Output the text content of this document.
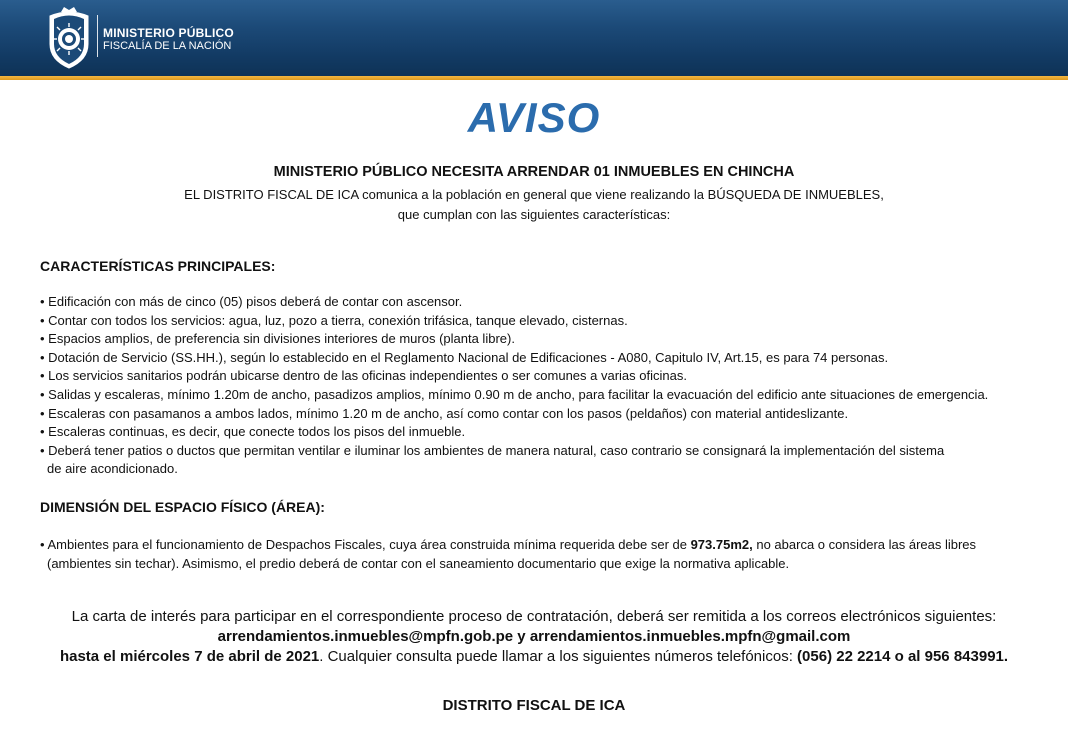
MINISTERIO PÚBLICO
FISCALÍA DE LA NACIÓN
AVISO
MINISTERIO PÚBLICO NECESITA ARRENDAR 01 INMUEBLES EN CHINCHA
EL DISTRITO FISCAL DE ICA comunica a la población en general que viene realizando la BÚSQUEDA DE INMUEBLES,
que cumplan con las siguientes características:
CARACTERÍSTICAS PRINCIPALES:
• Edificación con más de cinco (05) pisos deberá de contar con ascensor.
• Contar con todos los servicios: agua, luz, pozo a tierra, conexión trifásica, tanque elevado, cisternas.
• Espacios amplios, de preferencia sin divisiones interiores de muros (planta libre).
• Dotación de Servicio (SS.HH.), según lo establecido en el Reglamento Nacional de Edificaciones - A080, Capitulo IV, Art.15, es para 74 personas.
• Los servicios sanitarios podrán ubicarse dentro de las oficinas independientes o ser comunes a varias oficinas.
• Salidas y escaleras, mínimo 1.20m de ancho, pasadizos amplios, mínimo 0.90 m de ancho, para facilitar la evacuación del edificio ante situaciones de emergencia.
• Escaleras con pasamanos a ambos lados, mínimo 1.20 m de ancho, así como contar con los pasos (peldaños) con material antideslizante.
• Escaleras continuas, es decir, que conecte todos los pisos del inmueble.
• Deberá tener patios o ductos que permitan ventilar e iluminar los ambientes de manera natural, caso contrario se consignará la implementación del sistema
de aire acondicionado.
DIMENSIÓN DEL ESPACIO FÍSICO (ÁREA):
• Ambientes para el funcionamiento de Despachos Fiscales, cuya área construida mínima requerida debe ser de 973.75m2, no abarca o considera las áreas libres
(ambientes sin techar). Asimismo, el predio deberá de contar con el saneamiento documentario que exige la normativa aplicable.
La carta de interés para participar en el correspondiente proceso de contratación, deberá ser remitida a los correos electrónicos siguientes:
arrendamientos.inmuebles@mpfn.gob.pe y arrendamientos.inmuebles.mpfn@gmail.com
hasta el miércoles 7 de abril de 2021. Cualquier consulta puede llamar a los siguientes números telefónicos: (056) 22 2214 o al 956 843991.
DISTRITO FISCAL DE ICA
